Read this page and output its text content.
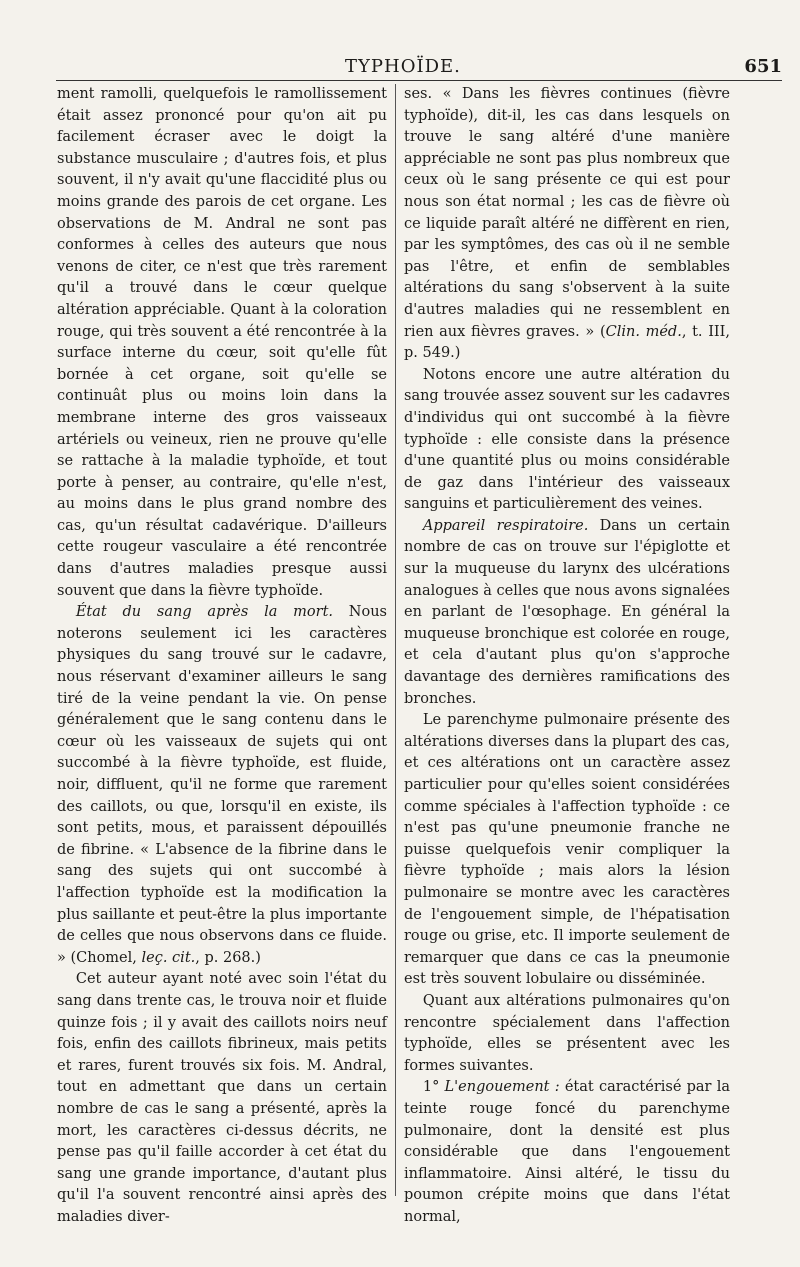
TYPHOÏDE.	651

ment ramolli, quelquefois le ramollissement était assez prononcé pour qu'on ait pu facilement écraser avec le doigt la substance musculaire ; d'autres fois, et plus souvent, il n'y avait qu'une flaccidité plus ou moins grande des parois de cet organe. Les observations de M. Andral ne sont pas conformes à celles des auteurs que nous venons de citer, ce n'est que très rarement qu'il a trouvé dans le cœur quelque altération appréciable. Quant à la coloration rouge, qui très souvent a été rencontrée à la surface interne du cœur, soit qu'elle fût bornée à cet organe, soit qu'elle se continuât plus ou moins loin dans la membrane interne des gros vaisseaux artériels ou veineux, rien ne prouve qu'elle se rattache à la maladie typhoïde, et tout porte à penser, au contraire, qu'elle n'est, au moins dans le plus grand nombre des cas, qu'un résultat cadavérique. D'ailleurs cette rougeur vasculaire a été rencontrée dans d'autres maladies presque aussi souvent que dans la fièvre typhoïde.

État du sang après la mort. Nous noterons seulement ici les caractères physiques du sang trouvé sur le cadavre, nous réservant d'examiner ailleurs le sang tiré de la veine pendant la vie. On pense généralement que le sang contenu dans le cœur où les vaisseaux de sujets qui ont succombé à la fièvre typhoïde, est fluide, noir, diffluent, qu'il ne forme que rarement des caillots, ou que, lorsqu'il en existe, ils sont petits, mous, et paraissent dépouillés de fibrine. « L'absence de la fibrine dans le sang des sujets qui ont succombé à l'affection typhoïde est la modification la plus saillante et peut-être la plus importante de celles que nous observons dans ce fluide. » (Chomel, leç. cit., p. 268.)

Cet auteur ayant noté avec soin l'état du sang dans trente cas, le trouva noir et fluide quinze fois ; il y avait des caillots noirs neuf fois, enfin des caillots fibrineux, mais petits et rares, furent trouvés six fois. M. Andral, tout en admettant que dans un certain nombre de cas le sang a présenté, après la mort, les caractères ci-dessus décrits, ne pense pas qu'il faille accorder à cet état du sang une grande importance, d'autant plus qu'il l'a souvent rencontré ainsi après des maladies diver-

ses. « Dans les fièvres continues (fièvre typhoïde), dit-il, les cas dans lesquels on trouve le sang altéré d'une manière appréciable ne sont pas plus nombreux que ceux où le sang présente ce qui est pour nous son état normal ; les cas de fièvre où ce liquide paraît altéré ne diffèrent en rien, par les symptômes, des cas où il ne semble pas l'être, et enfin de semblables altérations du sang s'observent à la suite d'autres maladies qui ne ressemblent en rien aux fièvres graves. » (Clin. méd., t. III, p. 549.)

Notons encore une autre altération du sang trouvée assez souvent sur les cadavres d'individus qui ont succombé à la fièvre typhoïde : elle consiste dans la présence d'une quantité plus ou moins considérable de gaz dans l'intérieur des vaisseaux sanguins et particulièrement des veines.

Appareil respiratoire. Dans un certain nombre de cas on trouve sur l'épiglotte et sur la muqueuse du larynx des ulcérations analogues à celles que nous avons signalées en parlant de l'œsophage. En général la muqueuse bronchique est colorée en rouge, et cela d'autant plus qu'on s'approche davantage des dernières ramifications des bronches.

Le parenchyme pulmonaire présente des altérations diverses dans la plupart des cas, et ces altérations ont un caractère assez particulier pour qu'elles soient considérées comme spéciales à l'affection typhoïde : ce n'est pas qu'une pneumonie franche ne puisse quelquefois venir compliquer la fièvre typhoïde ; mais alors la lésion pulmonaire se montre avec les caractères de l'engouement simple, de l'hépatisation rouge ou grise, etc. Il importe seulement de remarquer que dans ce cas la pneumonie est très souvent lobulaire ou disséminée.

Quant aux altérations pulmonaires qu'on rencontre spécialement dans l'affection typhoïde, elles se présentent avec les formes suivantes.

1° L'engouement : état caractérisé par la teinte rouge foncé du parenchyme pulmonaire, dont la densité est plus considérable que dans l'engouement inflammatoire. Ainsi altéré, le tissu du poumon crépite moins que dans l'état normal,
